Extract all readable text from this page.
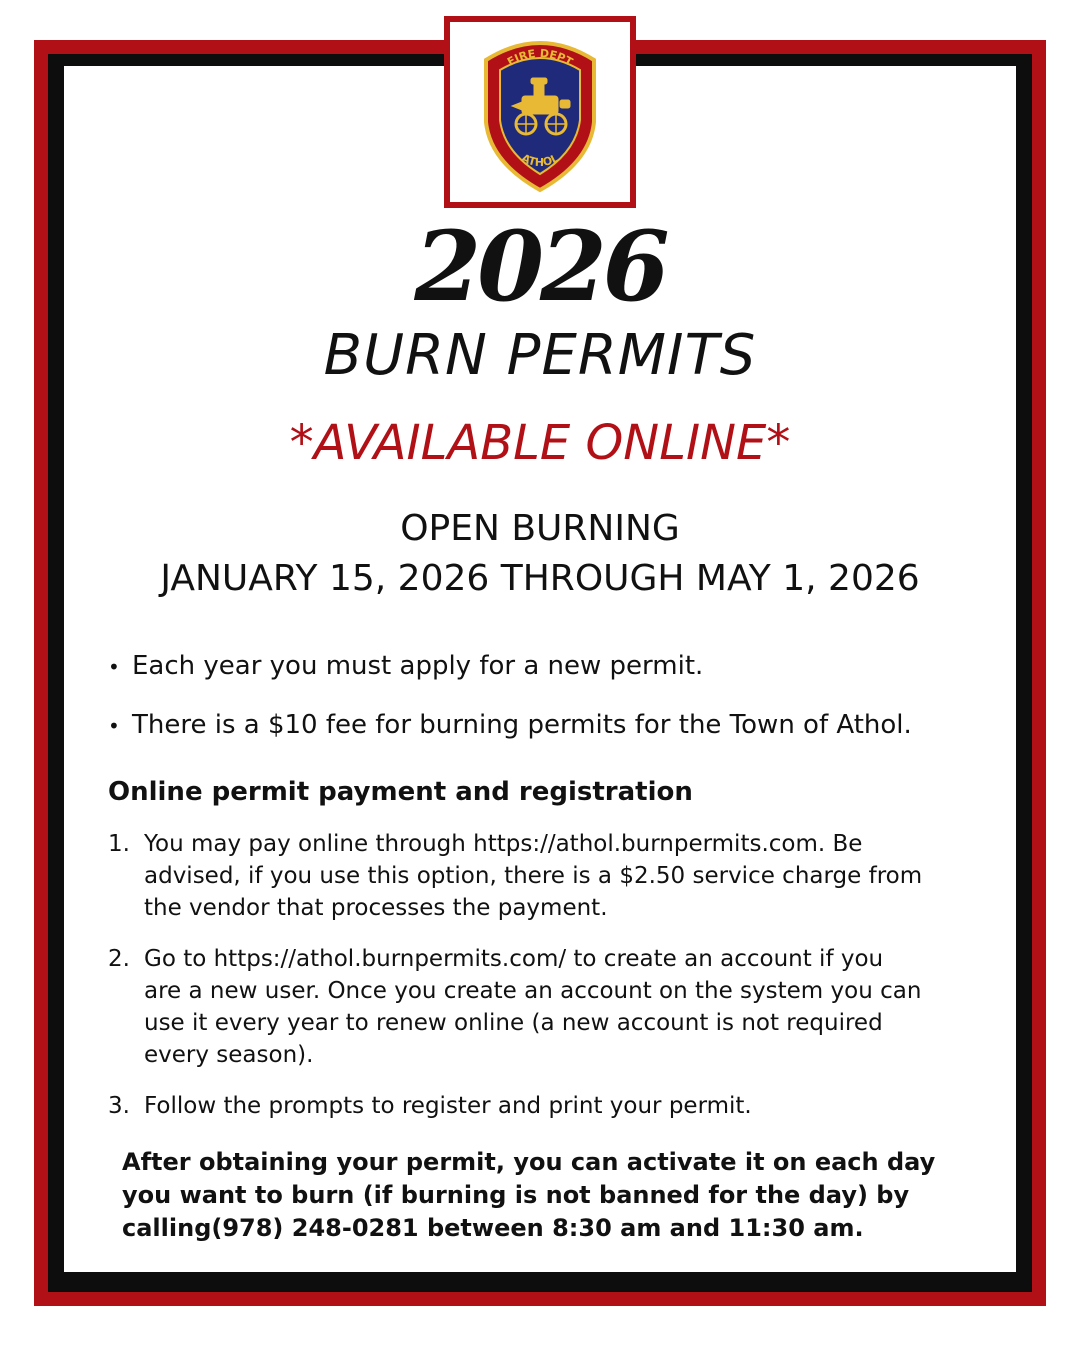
FIRE DEPT
ATHOL
2026
BURN PERMITS
*AVAILABLE ONLINE*
OPEN BURNING
JANUARY 15, 2026 THROUGH MAY 1, 2026
• Each year you must apply for a new permit.
• There is a $10 fee for burning permits for the Town of Athol.
Online permit payment and registration
1. You may pay online through https://athol.burnpermits.com. Be
advised, if you use this option, there is a $2.50 service charge from
the vendor that processes the payment.
2. Go to https://athol.burnpermits.com/ to create an account if you
are a new user. Once you create an account on the system you can
use it every year to renew online (a new account is not required
every season).
3. Follow the prompts to register and print your permit.
After obtaining your permit, you can activate it on each day
you want to burn (if burning is not banned for the day) by
calling(978) 248-0281 between 8:30 am and 11:30 am.
